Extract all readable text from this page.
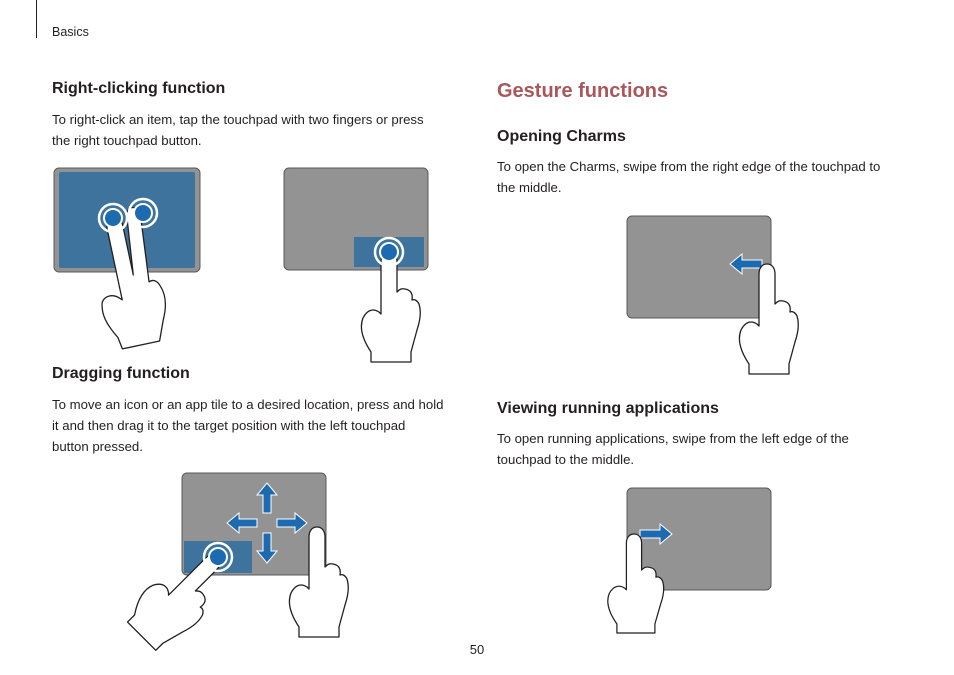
Basics
Right-clicking function
To right-click an item, tap the touchpad with two fingers or press
the right touchpad button.
Dragging function
To move an icon or an app tile to a desired location, press and hold
it and then drag it to the target position with the left touchpad
button pressed.
Gesture functions
Opening Charms
To open the Charms, swipe from the right edge of the touchpad to
the middle.
Viewing running applications
To open running applications, swipe from the left edge of the
touchpad to the middle.
50
